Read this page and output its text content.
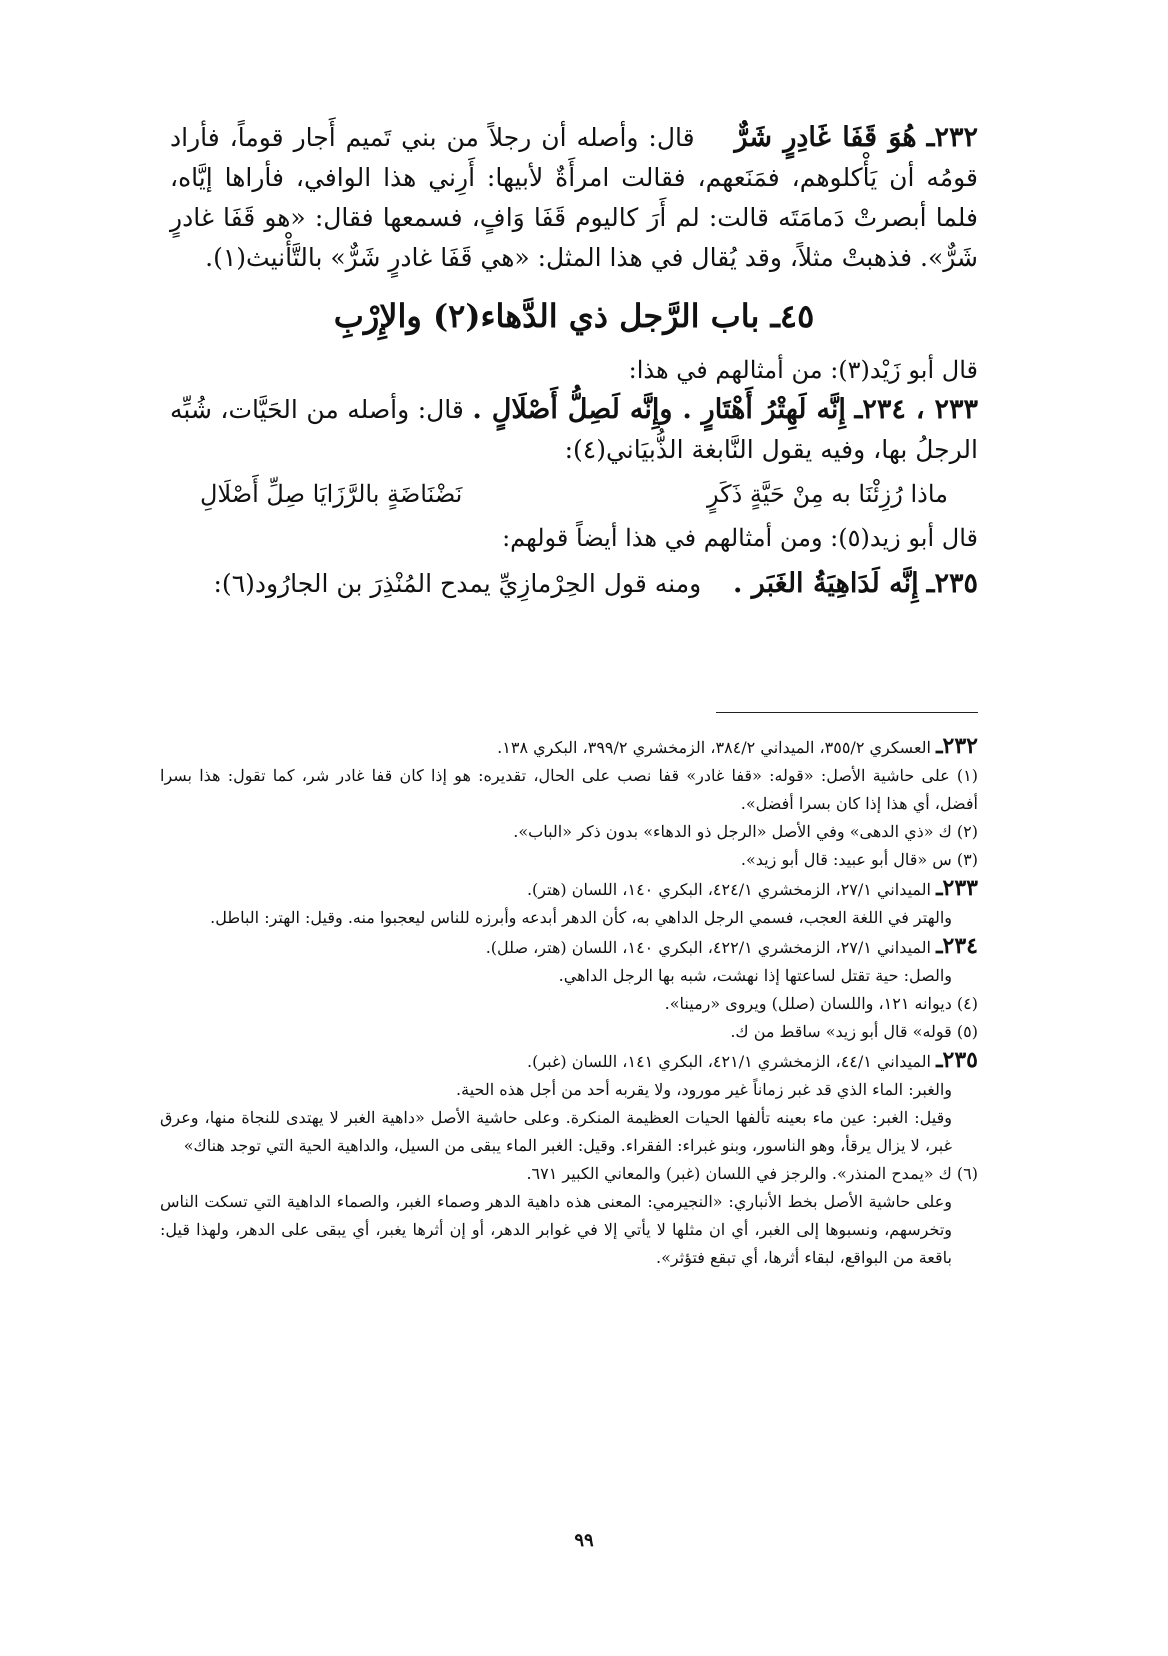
٢٣٢ـ هُوَ قَفَا غَادِرٍ شَرٌّ    قال: وأصله أن رجلاً من بني تَميم أَجار قوماً، فأراد قومُه أن يَأْكلوهم، فمَنَعهم، فقالت امرأَةٌ لأبيها: أَرِني هذا الوافي، فأراها إيَّاه، فلما أبصرتْ دَمامَتَه قالت: لم أَرَ كاليوم قَفَا وَافٍ، فسمعها فقال: «هو قَفَا غادرٍ شَرٌّ». فذهبتْ مثلاً، وقد يُقال في هذا المثل: «هي قَفَا غادرٍ شَرٌّ» بالتَّأْنيث(١).

٤٥ـ باب الرَّجل ذي الدَّهاء(٢) والإِرْبِ

قال أبو زَيْد(٣): من أمثالهم في هذا:

٢٣٣ ، ٢٣٤ـ إِنَّه لَهِتْرُ أَهْتَارٍ . وإِنَّه لَصِلُّ أَصْلَالٍ . قال: وأصله من الحَيَّات، شُبِّه الرجلُ بها، وفيه يقول النَّابغة الذُّبيَاني(٤):

ماذا رُزِئْنَا به مِنْ حَيَّةٍ ذَكَرٍ
نَضْنَاضَةٍ بالرَّزَايَا صِلِّ أَصْلَالِ

قال أبو زيد(٥): ومن أمثالهم في هذا أيضاً قولهم:

٢٣٥ـ إِنَّه لَدَاهِيَةُ الغَبَر .    ومنه قول الحِرْمازِيِّ يمدح المُنْذِرَ بن الجارُود(٦):

٢٣٢ـ العسكري ٣٥٥/٢، الميداني ٣٨٤/٢، الزمخشري ٣٩٩/٢، البكري ١٣٨.

(١) على حاشية الأصل: «قوله: «قفا غادر» قفا نصب على الحال، تقديره: هو إذا كان قفا غادر شر، كما تقول: هذا بسرا أفضل، أي هذا إذا كان بسرا أفضل».

(٢) ك «ذي الدهى» وفي الأصل «الرجل ذو الدهاء» بدون ذكر «الباب».

(٣) س «قال أبو عبيد: قال أبو زيد».

٢٣٣ـ الميداني ٢٧/١، الزمخشري ٤٢٤/١، البكري ١٤٠، اللسان (هتر).

والهتر في اللغة العجب، فسمي الرجل الداهي به، كأن الدهر أبدعه وأبرزه للناس ليعجبوا منه. وقيل: الهتر: الباطل.

٢٣٤ـ الميداني ٢٧/١، الزمخشري ٤٢٢/١، البكري ١٤٠، اللسان (هتر، صلل).

والصل: حية تقتل لساعتها إذا نهشت، شبه بها الرجل الداهي.

(٤) ديوانه ١٢١، واللسان (صلل) ويروى «رمينا».

(٥) قوله» قال أبو زيد» ساقط من ك.

٢٣٥ـ الميداني ٤٤/١، الزمخشري ٤٢١/١، البكري ١٤١، اللسان (غبر).

والغبر: الماء الذي قد غبر زماناً غير مورود، ولا يقربه أحد من أجل هذه الحية.

وقيل: الغبر: عين ماء بعينه تألفها الحيات العظيمة المنكرة. وعلى حاشية الأصل «داهية الغبر لا يهتدى للنجاة منها، وعرق غبر، لا يزال يرقأ، وهو الناسور، وبنو غبراء: الفقراء. وقيل: الغبر الماء يبقى من السيل، والداهية الحية التي توجد هناك»

(٦) ك «يمدح المنذر». والرجز في اللسان (غبر) والمعاني الكبير ٦٧١.

وعلى حاشية الأصل بخط الأنباري: «النجيرمي: المعنى هذه داهية الدهر وصماء الغبر، والصماء الداهية التي تسكت الناس وتخرسهم، ونسبوها إلى الغبر، أي ان مثلها لا يأتي إلا في غوابر الدهر، أو إن أثرها يغبر، أي يبقى على الدهر، ولهذا قيل: باقعة من البواقع، لبقاء أثرها، أي تبقع فتؤثر».

٩٩
